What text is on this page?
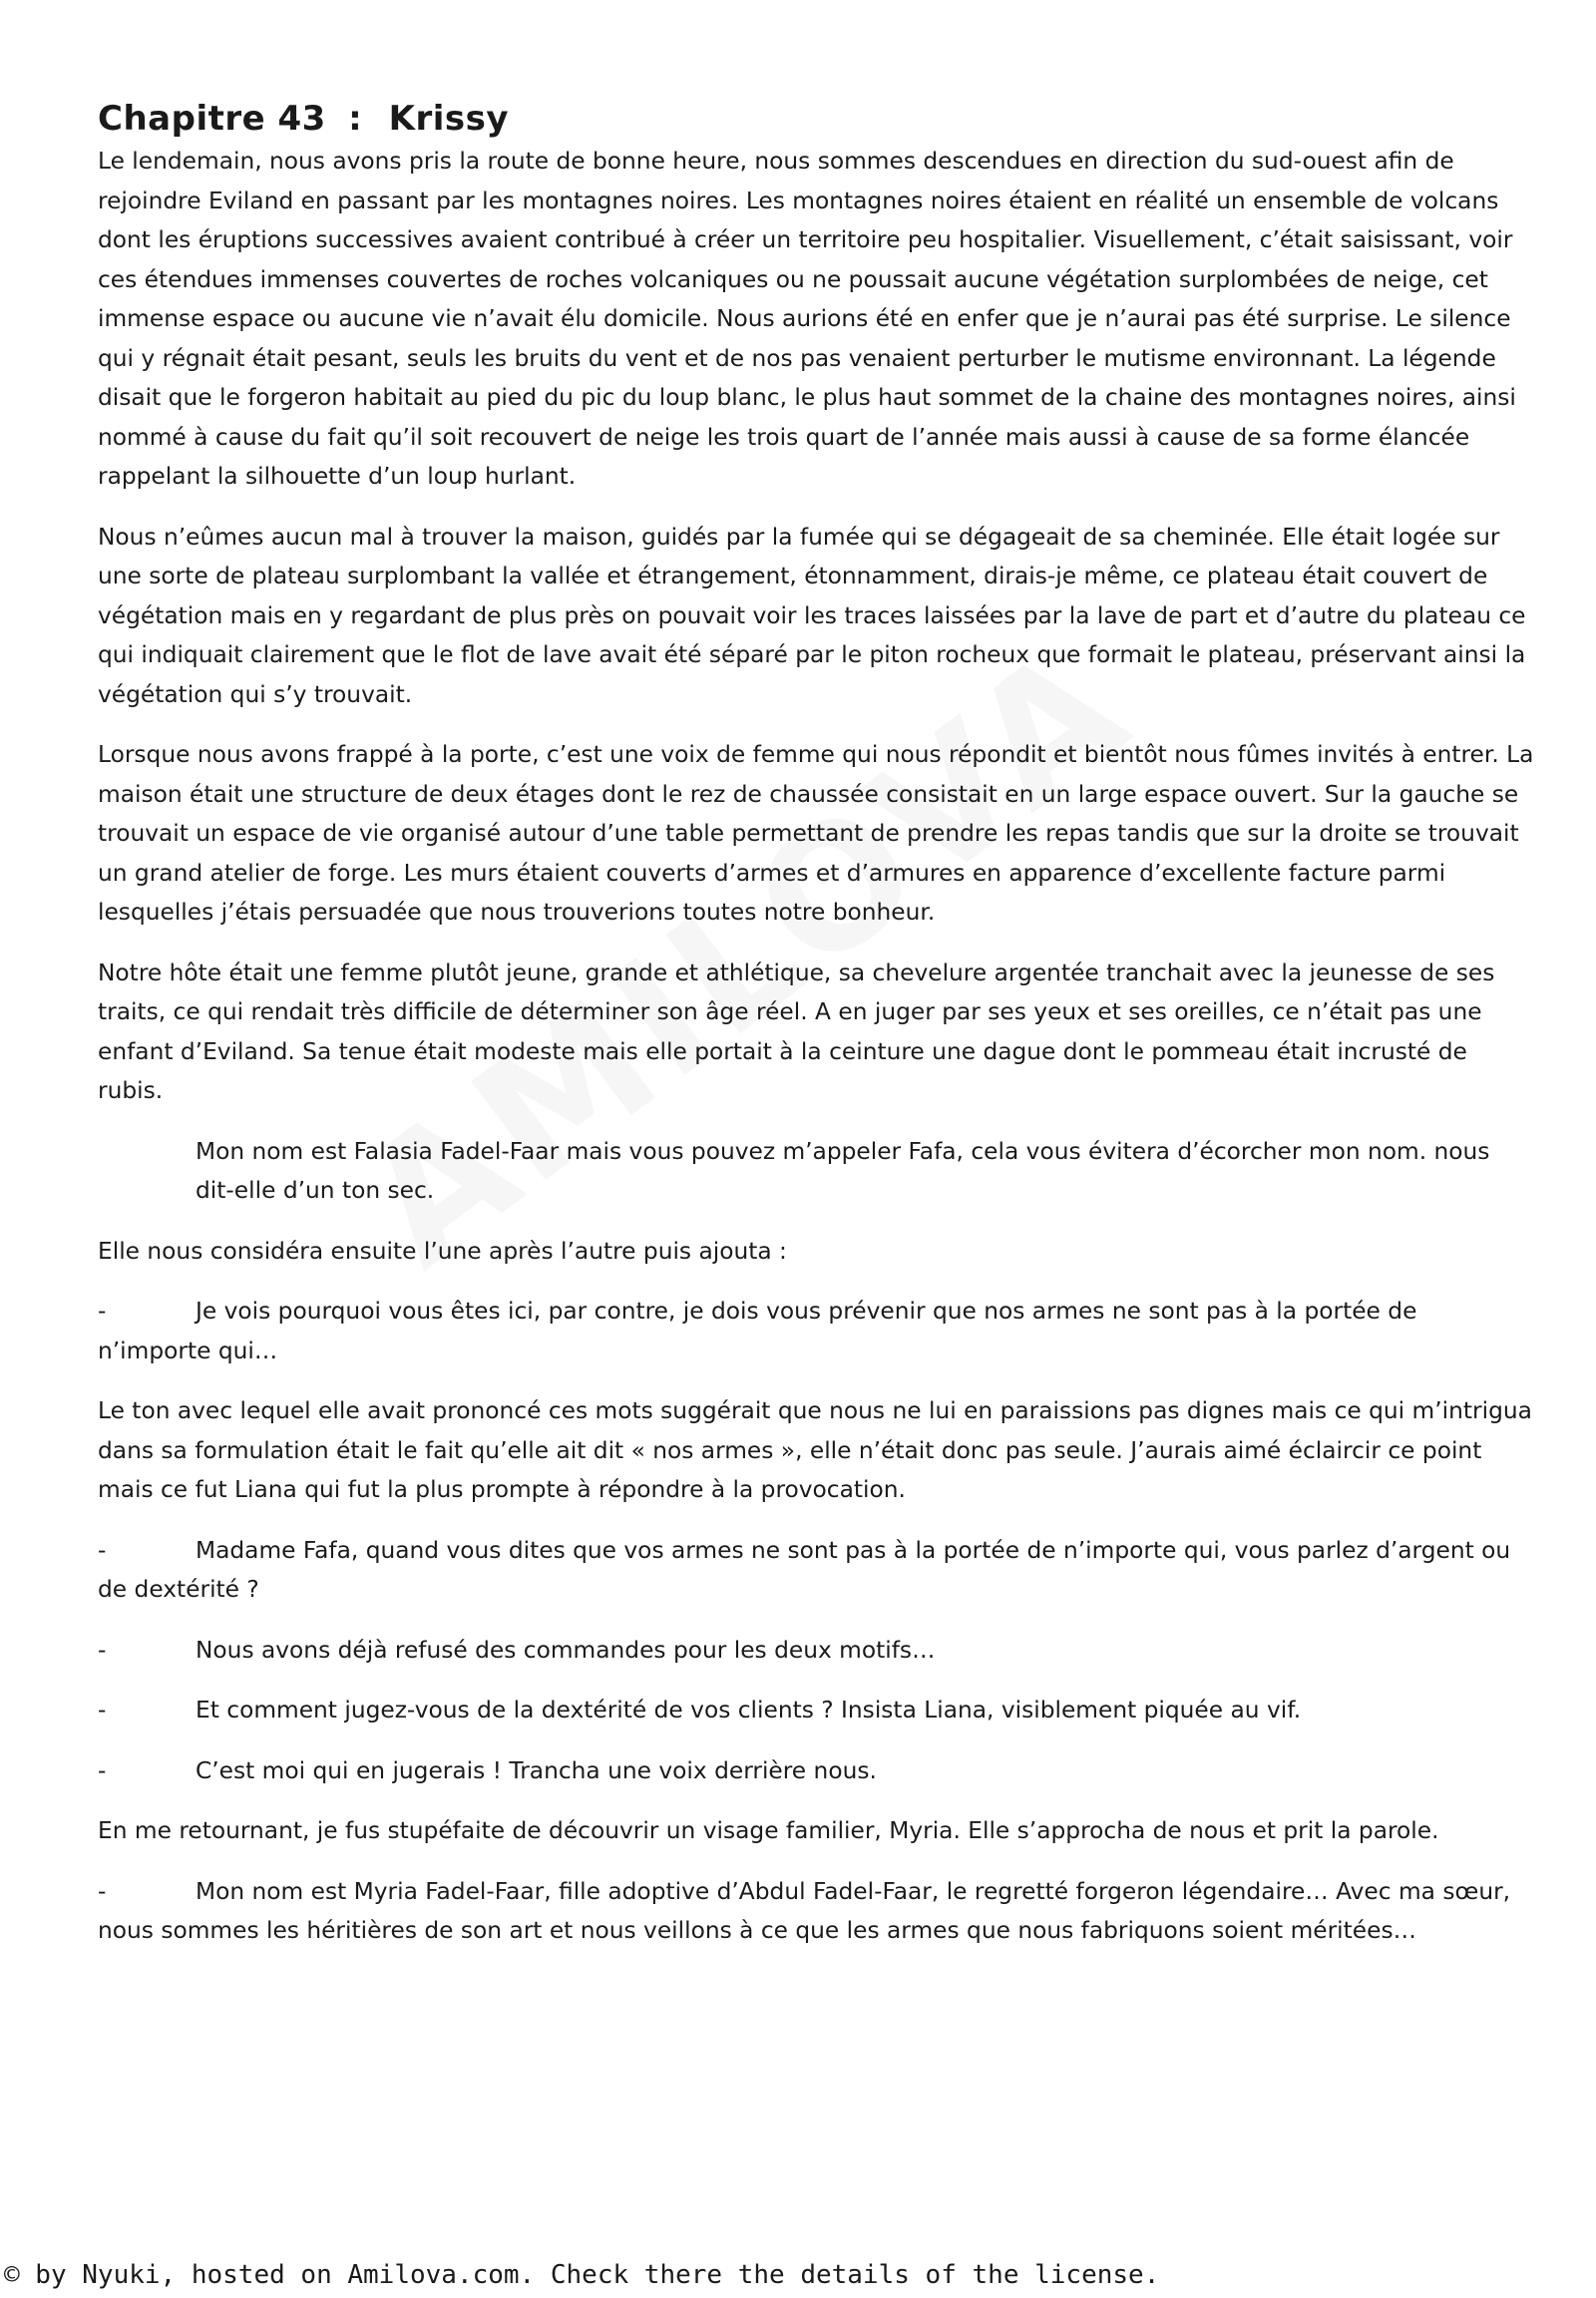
Chapitre 43 : Krissy

Le lendemain, nous avons pris la route de bonne heure, nous sommes descendues en direction du sud-ouest afin de rejoindre Eviland en passant par les montagnes noires. Les montagnes noires étaient en réalité un ensemble de volcans dont les éruptions successives avaient contribué à créer un territoire peu hospitalier. Visuellement, c’était saisissant, voir ces étendues immenses couvertes de roches volcaniques ou ne poussait aucune végétation surplombées de neige, cet immense espace ou aucune vie n’avait élu domicile. Nous aurions été en enfer que je n’aurai pas été surprise. Le silence qui y régnait était pesant, seuls les bruits du vent et de nos pas venaient perturber le mutisme environnant. La légende disait que le forgeron habitait au pied du pic du loup blanc, le plus haut sommet de la chaine des montagnes noires, ainsi nommé à cause du fait qu’il soit recouvert de neige les trois quart de l’année mais aussi à cause de sa forme élancée rappelant la silhouette d’un loup hurlant.

Nous n’eûmes aucun mal à trouver la maison, guidés par la fumée qui se dégageait de sa cheminée. Elle était logée sur une sorte de plateau surplombant la vallée et étrangement, étonnamment, dirais-je même, ce plateau était couvert de végétation mais en y regardant de plus près on pouvait voir les traces laissées par la lave de part et d’autre du plateau ce qui indiquait clairement que le flot de lave avait été séparé par le piton rocheux que formait le plateau, préservant ainsi la végétation qui s’y trouvait.

Lorsque nous avons frappé à la porte, c’est une voix de femme qui nous répondit et bientôt nous fûmes invités à entrer. La maison était une structure de deux étages dont le rez de chaussée consistait en un large espace ouvert. Sur la gauche se trouvait un espace de vie organisé autour d’une table permettant de prendre les repas tandis que sur la droite se trouvait un grand atelier de forge. Les murs étaient couverts d’armes et d’armures en apparence d’excellente facture parmi lesquelles j’étais persuadée que nous trouverions toutes notre bonheur.

Notre hôte était une femme plutôt jeune, grande et athlétique, sa chevelure argentée tranchait avec la jeunesse de ses traits, ce qui rendait très difficile de déterminer son âge réel. A en juger par ses yeux et ses oreilles, ce n’était pas une enfant d’Eviland. Sa tenue était modeste mais elle portait à la ceinture une dague dont le pommeau était incrusté de rubis.

Mon nom est Falasia Fadel-Faar mais vous pouvez m’appeler Fafa, cela vous évitera d’écorcher mon nom. nous dit-elle d’un ton sec.

Elle nous considéra ensuite l’une après l’autre puis ajouta :

-	Je vois pourquoi vous êtes ici, par contre, je dois vous prévenir que nos armes ne sont pas à la portée de n’importe qui…

Le ton avec lequel elle avait prononcé ces mots suggérait que nous ne lui en paraissions pas dignes mais ce qui m’intrigua dans sa formulation était le fait qu’elle ait dit « nos armes », elle n’était donc pas seule. J’aurais aimé éclaircir ce point mais ce fut Liana qui fut la plus prompte à répondre à la provocation.

-	Madame Fafa, quand vous dites que vos armes ne sont pas à la portée de n’importe qui, vous parlez d’argent ou de dextérité ?

-	Nous avons déjà refusé des commandes pour les deux motifs…

-	Et comment jugez-vous de la dextérité de vos clients ? Insista Liana, visiblement piquée au vif.

-	C’est moi qui en jugerais ! Trancha une voix derrière nous.

En me retournant, je fus stupéfaite de découvrir un visage familier, Myria. Elle s’approcha de nous et prit la parole.

-	Mon nom est Myria Fadel-Faar, fille adoptive d’Abdul Fadel-Faar, le regretté forgeron légendaire… Avec ma sœur, nous sommes les héritières de son art et nous veillons à ce que les armes que nous fabriquons soient méritées…

© by Nyuki, hosted on Amilova.com. Check there the details of the license.
